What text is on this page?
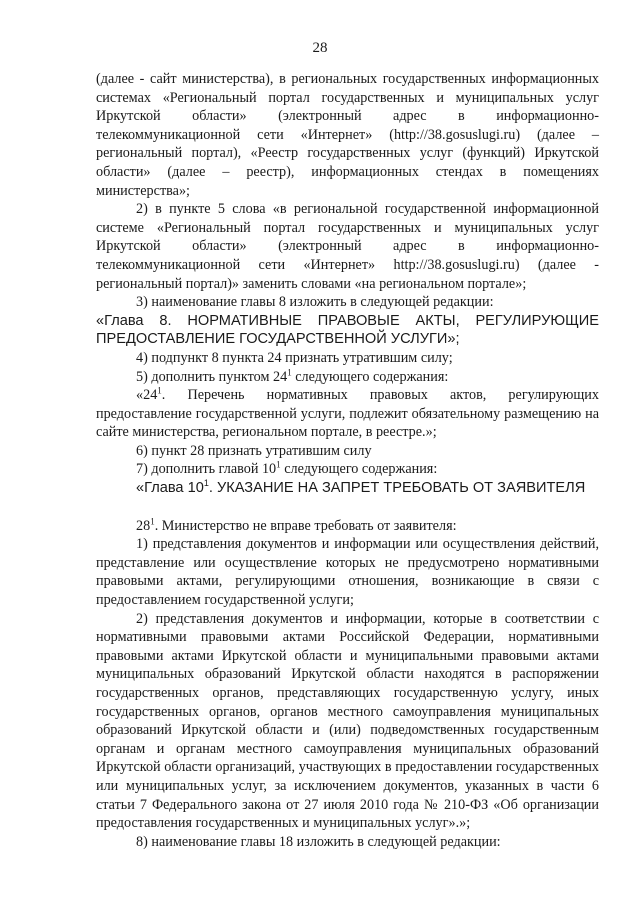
28

(далее - сайт министерства), в региональных государственных информационных системах «Региональный портал государственных и муниципальных услуг Иркутской области» (электронный адрес в информационно-телекоммуникационной сети «Интернет» (http://38.gosuslugi.ru) (далее – региональный портал), «Реестр государственных услуг (функций) Иркутской области» (далее – реестр), информационных стендах в помещениях министерства»;

2) в пункте 5 слова «в региональной государственной информационной системе «Региональный портал государственных и муниципальных услуг Иркутской области» (электронный адрес в информационно-телекоммуникационной сети «Интернет» http://38.gosuslugi.ru) (далее - региональный портал)» заменить словами «на региональном портале»;

3) наименование главы 8 изложить в следующей редакции:

«Глава 8. НОРМАТИВНЫЕ ПРАВОВЫЕ АКТЫ, РЕГУЛИРУЮЩИЕ ПРЕДОСТАВЛЕНИЕ ГОСУДАРСТВЕННОЙ УСЛУГИ»;

4) подпункт 8 пункта 24 признать утратившим силу;

5) дополнить пунктом $24^1$ следующего содержания:

«$24^1$. Перечень нормативных правовых актов, регулирующих предоставление государственной услуги, подлежит обязательному размещению на сайте министерства, региональном портале, в реестре.»;

6) пункт 28 признать утратившим силу

7) дополнить главой $10^1$ следующего содержания:

«Глава $10^1$. УКАЗАНИЕ НА ЗАПРЕТ ТРЕБОВАТЬ ОТ ЗАЯВИТЕЛЯ

$28^1$. Министерство не вправе требовать от заявителя:

1) представления документов и информации или осуществления действий, представление или осуществление которых не предусмотрено нормативными правовыми актами, регулирующими отношения, возникающие в связи с предоставлением государственной услуги;

2) представления документов и информации, которые в соответствии с нормативными правовыми актами Российской Федерации, нормативными правовыми актами Иркутской области и муниципальными правовыми актами муниципальных образований Иркутской области находятся в распоряжении государственных органов, представляющих государственную услугу, иных государственных органов, органов местного самоуправления муниципальных образований Иркутской области и (или) подведомственных государственным органам и органам местного самоуправления муниципальных образований Иркутской области организаций, участвующих в предоставлении государственных или муниципальных услуг, за исключением документов, указанных в части 6 статьи 7 Федерального закона от 27 июля 2010 года № 210-ФЗ «Об организации предоставления государственных и муниципальных услуг».»;

8) наименование главы 18 изложить в следующей редакции:
